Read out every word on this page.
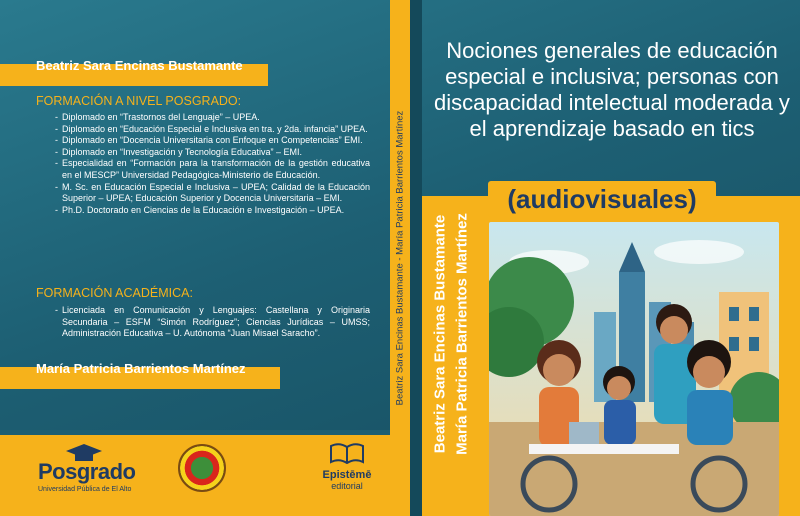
Beatriz Sara Encinas Bustamante
FORMACIÓN A NIVEL POSGRADO:
- Diplomado en “Trastornos del Lenguaje” – UPEA.
- Diplomado en “Educación Especial e Inclusiva en tra. y 2da. infancia” UPEA.
- Diplomado en “Docencia Universitaria con Enfoque en Competencias” EMI.
- Diplomado en “Investigación y Tecnología Educativa” – EMI.
- Especialidad en “Formación para la transformación de la gestión educativa en el MESCP” Universidad Pedagógica-Ministerio de Educación.
- M. Sc. en Educación Especial e Inclusiva – UPEA; Calidad de la Educación Superior – UPEA; Educación Superior y Docencia Universitaria – EMI.
- Ph.D. Doctorado en Ciencias de la Educación e Investigación – UPEA.
FORMACIÓN ACADÉMICA:
- Licenciada en Comunicación y Lenguajes: Castellana y Originaria Secundaria – ESFM “Simón Rodríguez”; Ciencias Jurídicas – UMSS; Administración Educativa – U. Autónoma “Juan Misael Saracho”.
María Patricia Barrientos Martínez
Posgrado
Universidad Pública de El Alto
Epistēmē
editorial
Beatriz Sara Encinas Bustamante - María Patricia Barrientos Martínez
Nociones generales de educación especial e inclusiva; personas con discapacidad intelectual moderada y el aprendizaje basado en tics
(audiovisuales)
Beatriz Sara Encinas Bustamante María Patricia Barrientos Martínez
